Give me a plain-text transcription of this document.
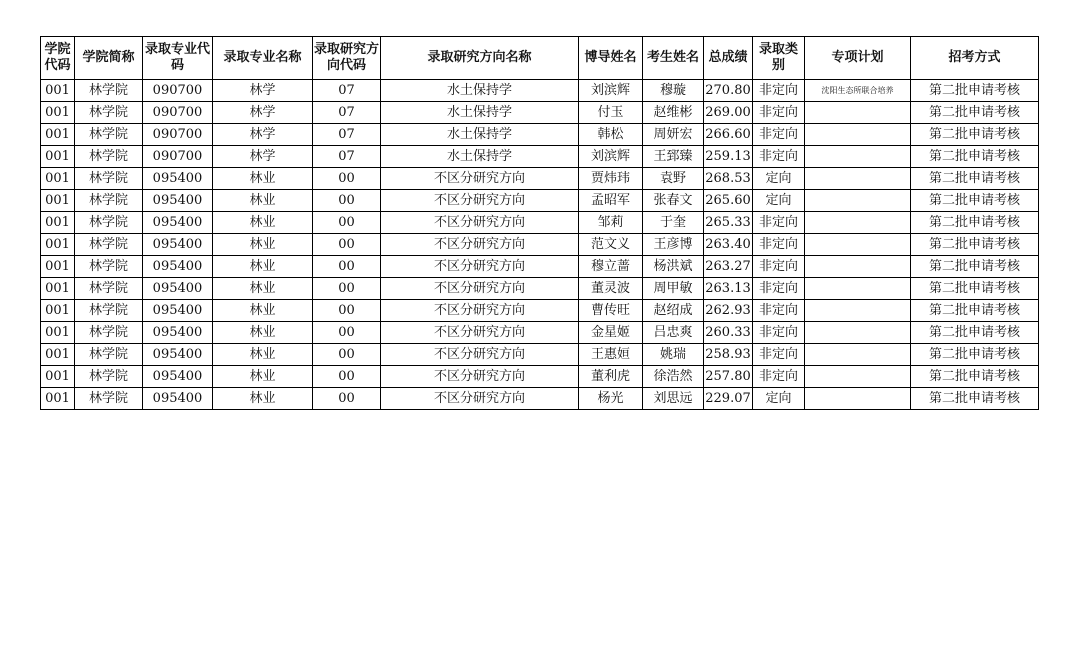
学院代码	学院简称	录取专业代码	录取专业名称	录取研究方向代码	录取研究方向名称	博导姓名	考生姓名	总成绩	录取类别	专项计划	招考方式
001	林学院	090700	林学	07	水土保持学	刘滨辉	穆璇	270.80	非定向	沈阳生态所联合培养	第二批申请考核
001	林学院	090700	林学	07	水土保持学	付玉	赵维彬	269.00	非定向		第二批申请考核
001	林学院	090700	林学	07	水土保持学	韩松	周妍宏	266.60	非定向		第二批申请考核
001	林学院	090700	林学	07	水土保持学	刘滨辉	王郅臻	259.13	非定向		第二批申请考核
001	林学院	095400	林业	00	不区分研究方向	贾炜玮	袁野	268.53	定向		第二批申请考核
001	林学院	095400	林业	00	不区分研究方向	孟昭军	张春文	265.60	定向		第二批申请考核
001	林学院	095400	林业	00	不区分研究方向	邹莉	于奎	265.33	非定向		第二批申请考核
001	林学院	095400	林业	00	不区分研究方向	范文义	王彦博	263.40	非定向		第二批申请考核
001	林学院	095400	林业	00	不区分研究方向	穆立蔷	杨洪斌	263.27	非定向		第二批申请考核
001	林学院	095400	林业	00	不区分研究方向	董灵波	周甲敏	263.13	非定向		第二批申请考核
001	林学院	095400	林业	00	不区分研究方向	曹传旺	赵绍成	262.93	非定向		第二批申请考核
001	林学院	095400	林业	00	不区分研究方向	金星姬	吕忠爽	260.33	非定向		第二批申请考核
001	林学院	095400	林业	00	不区分研究方向	王惠姮	姚瑞	258.93	非定向		第二批申请考核
001	林学院	095400	林业	00	不区分研究方向	董利虎	徐浩然	257.80	非定向		第二批申请考核
001	林学院	095400	林业	00	不区分研究方向	杨光	刘思远	229.07	定向		第二批申请考核
